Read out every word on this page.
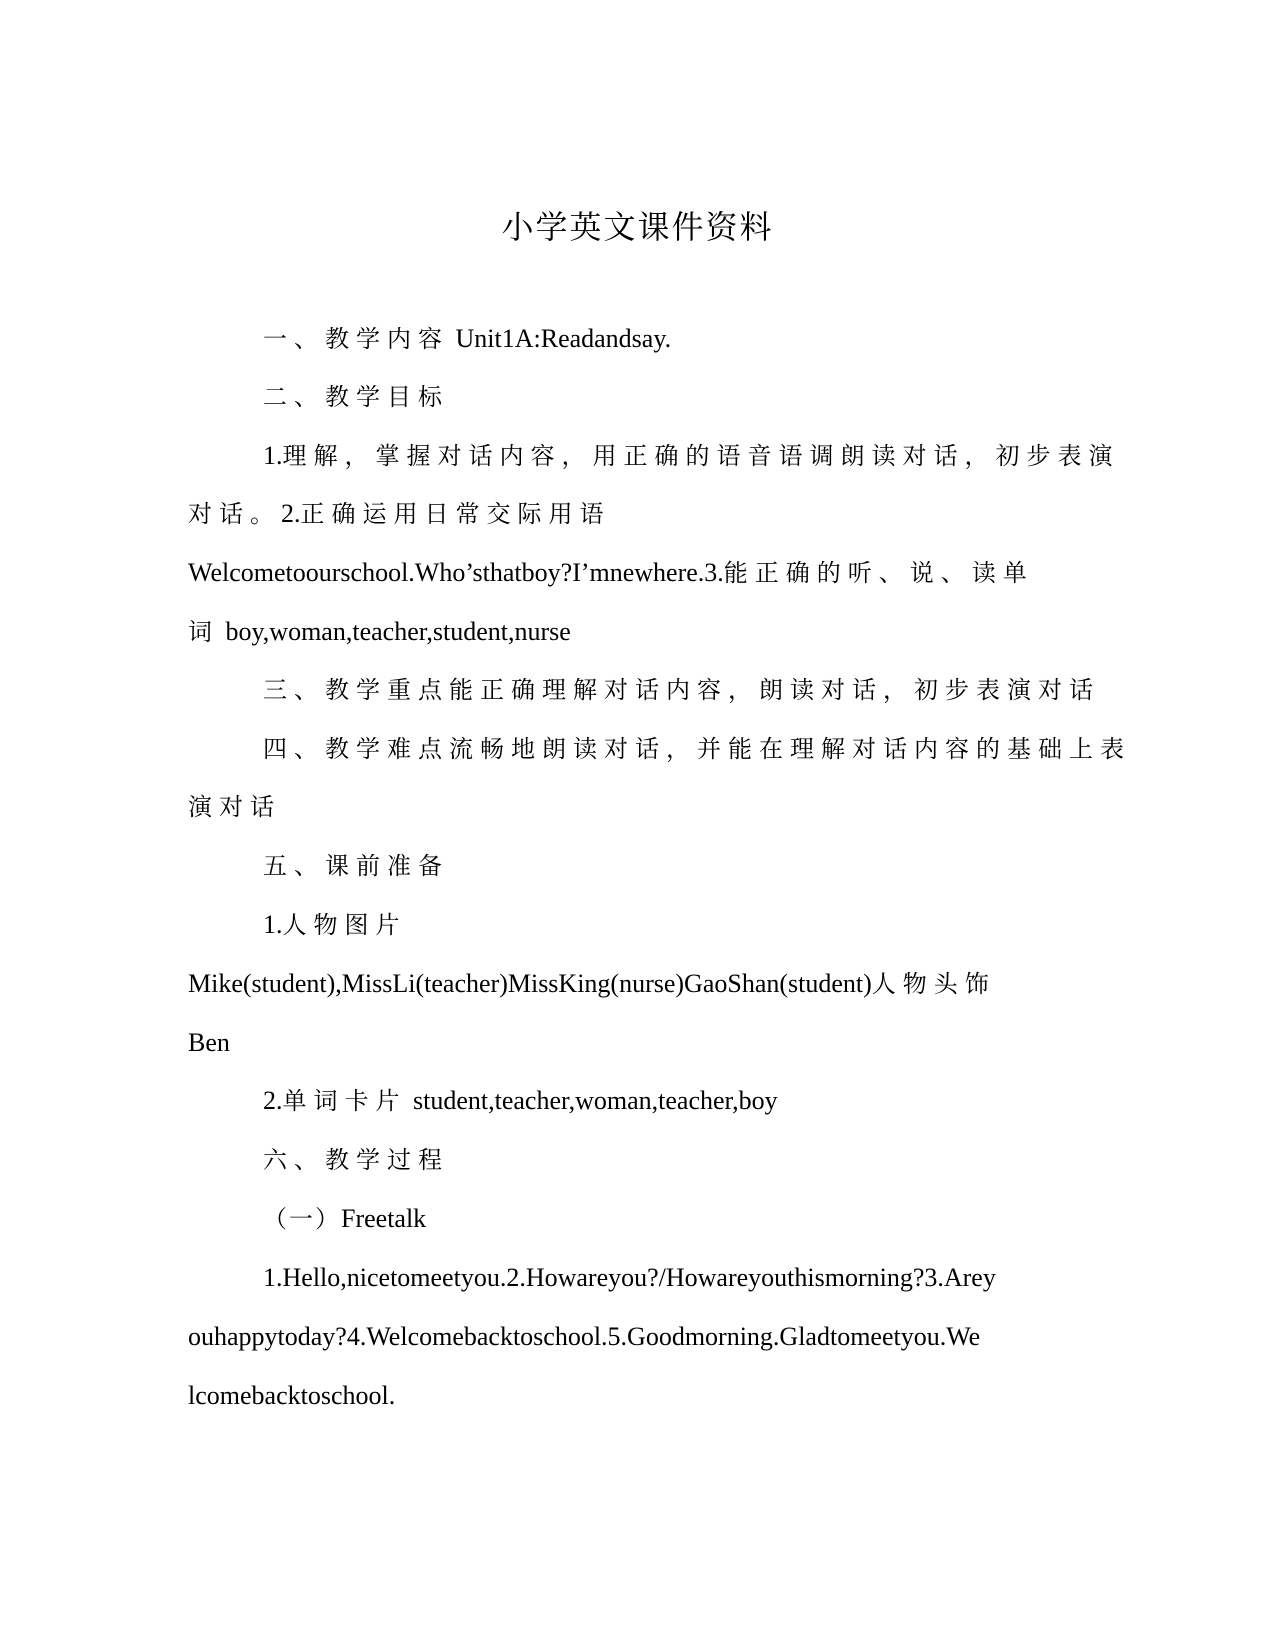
小学英文课件资料
一、教学内容 Unit1A:Readandsay.
二、教学目标
1.理解，掌握对话内容，用正确的语音语调朗读对话，初步表演
对话。2.正确运用日常交际用语
Welcometoourschool.Who’sthatboy?I’mnewhere.3.能正确的听、说、读单
词 boy,woman,teacher,student,nurse
三、教学重点能正确理解对话内容，朗读对话，初步表演对话
四、教学难点流畅地朗读对话，并能在理解对话内容的基础上表
演对话
五、课前准备
1.人物图片
Mike(student),MissLi(teacher)MissKing(nurse)GaoShan(student)人物头饰
Ben
2.单词卡片 student,teacher,woman,teacher,boy
六、教学过程
（一）Freetalk
1.Hello,nicetomeetyou.2.Howareyou?/Howareyouthismorning?3.Arey
ouhappytoday?4.Welcomebacktoschool.5.Goodmorning.Gladtomeetyou.We
lcomebacktoschool.
